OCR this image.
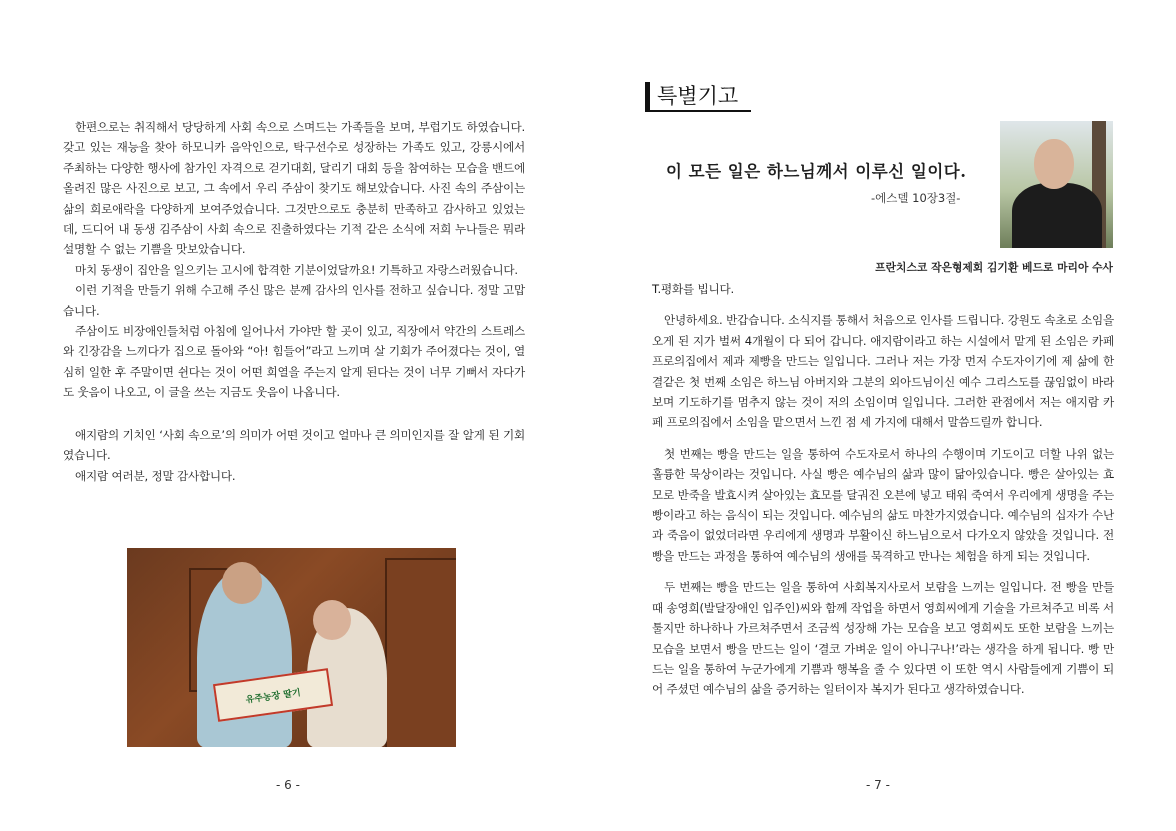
한편으로는 취직해서 당당하게 사회 속으로 스며드는 가족들을 보며, 부럽기도 하였습니다. 갖고 있는 재능을 찾아 하모니카 음악인으로, 탁구선수로 성장하는 가족도 있고, 강릉시에서 주최하는 다양한 행사에 참가인 자격으로 걷기대회, 달리기 대회 등을 참여하는 모습을 밴드에 올려진 많은 사진으로 보고, 그 속에서 우리 주삼이 찾기도 해보았습니다. 사진 속의 주삼이는 삶의 희로애락을 다양하게 보여주었습니다. 그것만으로도 충분히 만족하고 감사하고 있었는데, 드디어 내 동생 김주삼이 사회 속으로 진출하였다는 기적 같은 소식에 저희 누나들은 뭐라 설명할 수 없는 기쁨을 맛보았습니다.

마치 동생이 집안을 일으키는 고시에 합격한 기분이었달까요! 기특하고 자랑스러웠습니다.

이런 기적을 만들기 위해 수고해 주신 많은 분께 감사의 인사를 전하고 싶습니다. 정말 고맙습니다.

주삼이도 비장애인들처럼 아침에 일어나서 가야만 할 곳이 있고, 직장에서 약간의 스트레스와 긴장감을 느끼다가 집으로 돌아와 “아! 힘들어”라고 느끼며 살 기회가 주어졌다는 것이, 열심히 일한 후 주말이면 쉰다는 것이 어떤 희열을 주는지 알게 된다는 것이 너무 기뻐서 자다가도 웃음이 나오고, 이 글을 쓰는 지금도 웃음이 나옵니다.

애지람의 기치인 ‘사회 속으로’의 의미가 어떤 것이고 얼마나 큰 의미인지를 잘 알게 된 기회였습니다.

애지람 여러분, 정말 감사합니다.

유주농장 딸기
- 6 -
특별기고
이 모든 일은 하느님께서 이루신 일이다.
-에스델 10장3절-
프란치스코 작은형제회 김기환 베드로 마리아 수사

T.평화를 빕니다.

안녕하세요. 반갑습니다. 소식지를 통해서 처음으로 인사를 드립니다. 강원도 속초로 소임을 오게 된 지가 벌써 4개월이 다 되어 갑니다. 애지람이라고 하는 시설에서 맡게 된 소임은 카페 프로의집에서 제과 제빵을 만드는 일입니다. 그러나 저는 가장 먼저 수도자이기에 제 삶에 한결같은 첫 번째 소임은 하느님 아버지와 그분의 외아드님이신 예수 그리스도를 끊임없이 바라보며 기도하기를 멈추지 않는 것이 저의 소임이며 일입니다. 그러한 관점에서 저는 애지람 카페 프로의집에서 소임을 맡으면서 느낀 점 세 가지에 대해서 말씀드릴까 합니다.

첫 번째는 빵을 만드는 일을 통하여 수도자로서 하나의 수행이며 기도이고 더할 나위 없는 훌륭한 묵상이라는 것입니다. 사실 빵은 예수님의 삶과 많이 닮아있습니다. 빵은 살아있는 효모로 반죽을 발효시켜 살아있는 효모를 달궈진 오븐에 넣고 태워 죽여서 우리에게 생명을 주는 빵이라고 하는 음식이 되는 것입니다. 예수님의 삶도 마찬가지였습니다. 예수님의 십자가 수난과 죽음이 없었더라면 우리에게 생명과 부활이신 하느님으로서 다가오지 않았을 것입니다. 전 빵을 만드는 과정을 통하여 예수님의 생애를 묵격하고 만나는 체험을 하게 되는 것입니다.

두 번째는 빵을 만드는 일을 통하여 사회복지사로서 보람을 느끼는 일입니다. 전 빵을 만들 때 송영희(발달장애인 입주인)씨와 함께 작업을 하면서 영희씨에게 기술을 가르쳐주고 비록 서툴지만 하나하나 가르쳐주면서 조금씩 성장해 가는 모습을 보고 영희씨도 또한 보람을 느끼는 모습을 보면서 빵을 만드는 일이 ‘결코 가벼운 일이 아니구나!’라는 생각을 하게 됩니다. 빵 만드는 일을 통하여 누군가에게 기쁨과 행복을 줄 수 있다면 이 또한 역시 사람들에게 기쁨이 되어 주셨던 예수님의 삶을 증거하는 일터이자 복지가 된다고 생각하였습니다.

- 7 -
